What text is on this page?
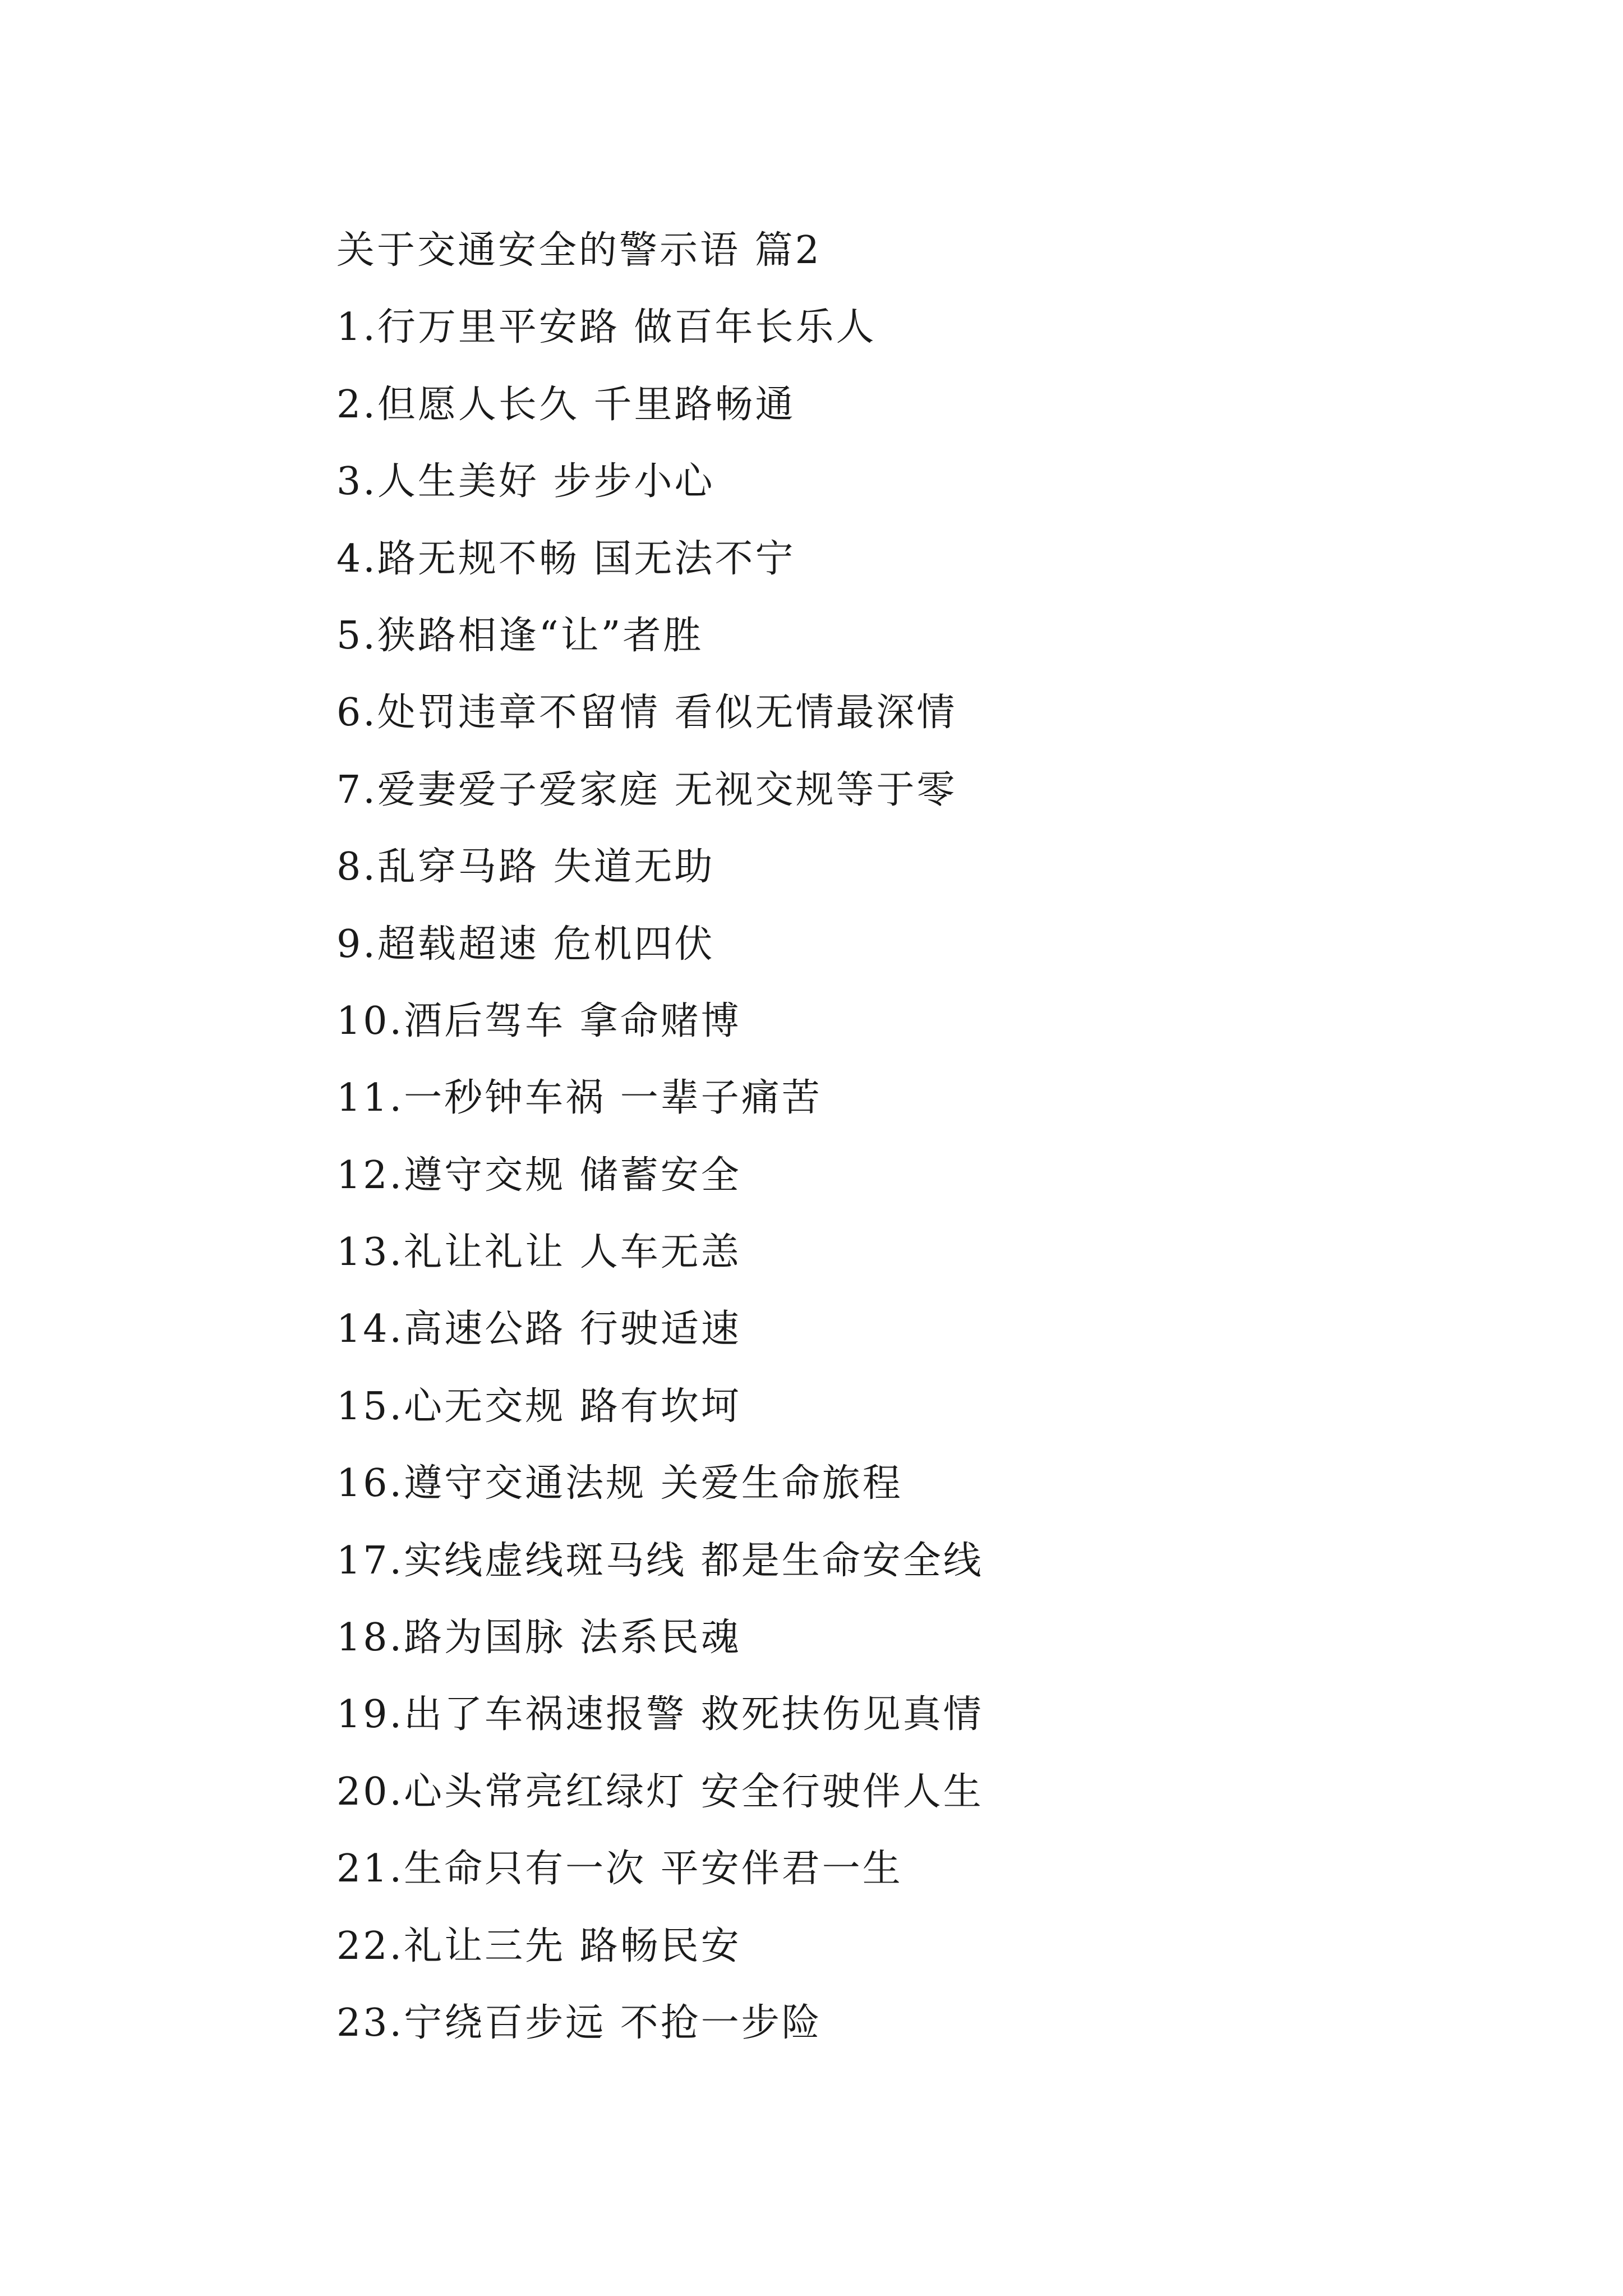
关于交通安全的警示语 篇2
1.行万里平安路 做百年长乐人
2.但愿人长久 千里路畅通
3.人生美好 步步小心
4.路无规不畅 国无法不宁
5.狭路相逢“让”者胜
6.处罚违章不留情 看似无情最深情
7.爱妻爱子爱家庭 无视交规等于零
8.乱穿马路 失道无助
9.超载超速 危机四伏
10.酒后驾车 拿命赌博
11.一秒钟车祸 一辈子痛苦
12.遵守交规 储蓄安全
13.礼让礼让 人车无恙
14.高速公路 行驶适速
15.心无交规 路有坎坷
16.遵守交通法规 关爱生命旅程
17.实线虚线斑马线 都是生命安全线
18.路为国脉 法系民魂
19.出了车祸速报警 救死扶伤见真情
20.心头常亮红绿灯 安全行驶伴人生
21.生命只有一次 平安伴君一生
22.礼让三先 路畅民安
23.宁绕百步远 不抢一步险
